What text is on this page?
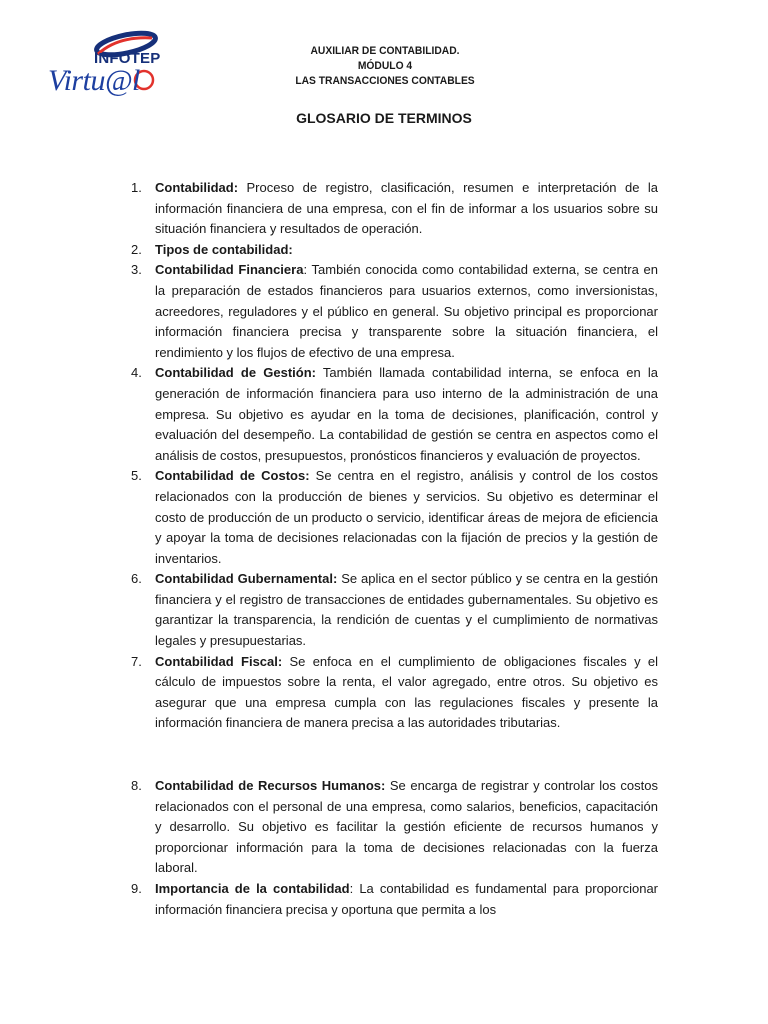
INFOTEP
Virtu@l
AUXILIAR DE CONTABILIDAD.
MÓDULO 4
LAS TRANSACCIONES CONTABLES
GLOSARIO DE TERMINOS
1. Contabilidad: Proceso de registro, clasificación, resumen e interpretación de la información financiera de una empresa, con el fin de informar a los usuarios sobre su situación financiera y resultados de operación.
2. Tipos de contabilidad:
3. Contabilidad Financiera: También conocida como contabilidad externa, se centra en la preparación de estados financieros para usuarios externos, como inversionistas, acreedores, reguladores y el público en general. Su objetivo principal es proporcionar información financiera precisa y transparente sobre la situación financiera, el rendimiento y los flujos de efectivo de una empresa.
4. Contabilidad de Gestión: También llamada contabilidad interna, se enfoca en la generación de información financiera para uso interno de la administración de una empresa. Su objetivo es ayudar en la toma de decisiones, planificación, control y evaluación del desempeño. La contabilidad de gestión se centra en aspectos como el análisis de costos, presupuestos, pronósticos financieros y evaluación de proyectos.
5. Contabilidad de Costos: Se centra en el registro, análisis y control de los costos relacionados con la producción de bienes y servicios. Su objetivo es determinar el costo de producción de un producto o servicio, identificar áreas de mejora de eficiencia y apoyar la toma de decisiones relacionadas con la fijación de precios y la gestión de inventarios.
6. Contabilidad Gubernamental: Se aplica en el sector público y se centra en la gestión financiera y el registro de transacciones de entidades gubernamentales. Su objetivo es garantizar la transparencia, la rendición de cuentas y el cumplimiento de normativas legales y presupuestarias.
7. Contabilidad Fiscal: Se enfoca en el cumplimiento de obligaciones fiscales y el cálculo de impuestos sobre la renta, el valor agregado, entre otros. Su objetivo es asegurar que una empresa cumpla con las regulaciones fiscales y presente la información financiera de manera precisa a las autoridades tributarias.
8. Contabilidad de Recursos Humanos: Se encarga de registrar y controlar los costos relacionados con el personal de una empresa, como salarios, beneficios, capacitación y desarrollo. Su objetivo es facilitar la gestión eficiente de recursos humanos y proporcionar información para la toma de decisiones relacionadas con la fuerza laboral.
9. Importancia de la contabilidad: La contabilidad es fundamental para proporcionar información financiera precisa y oportuna que permita a los
